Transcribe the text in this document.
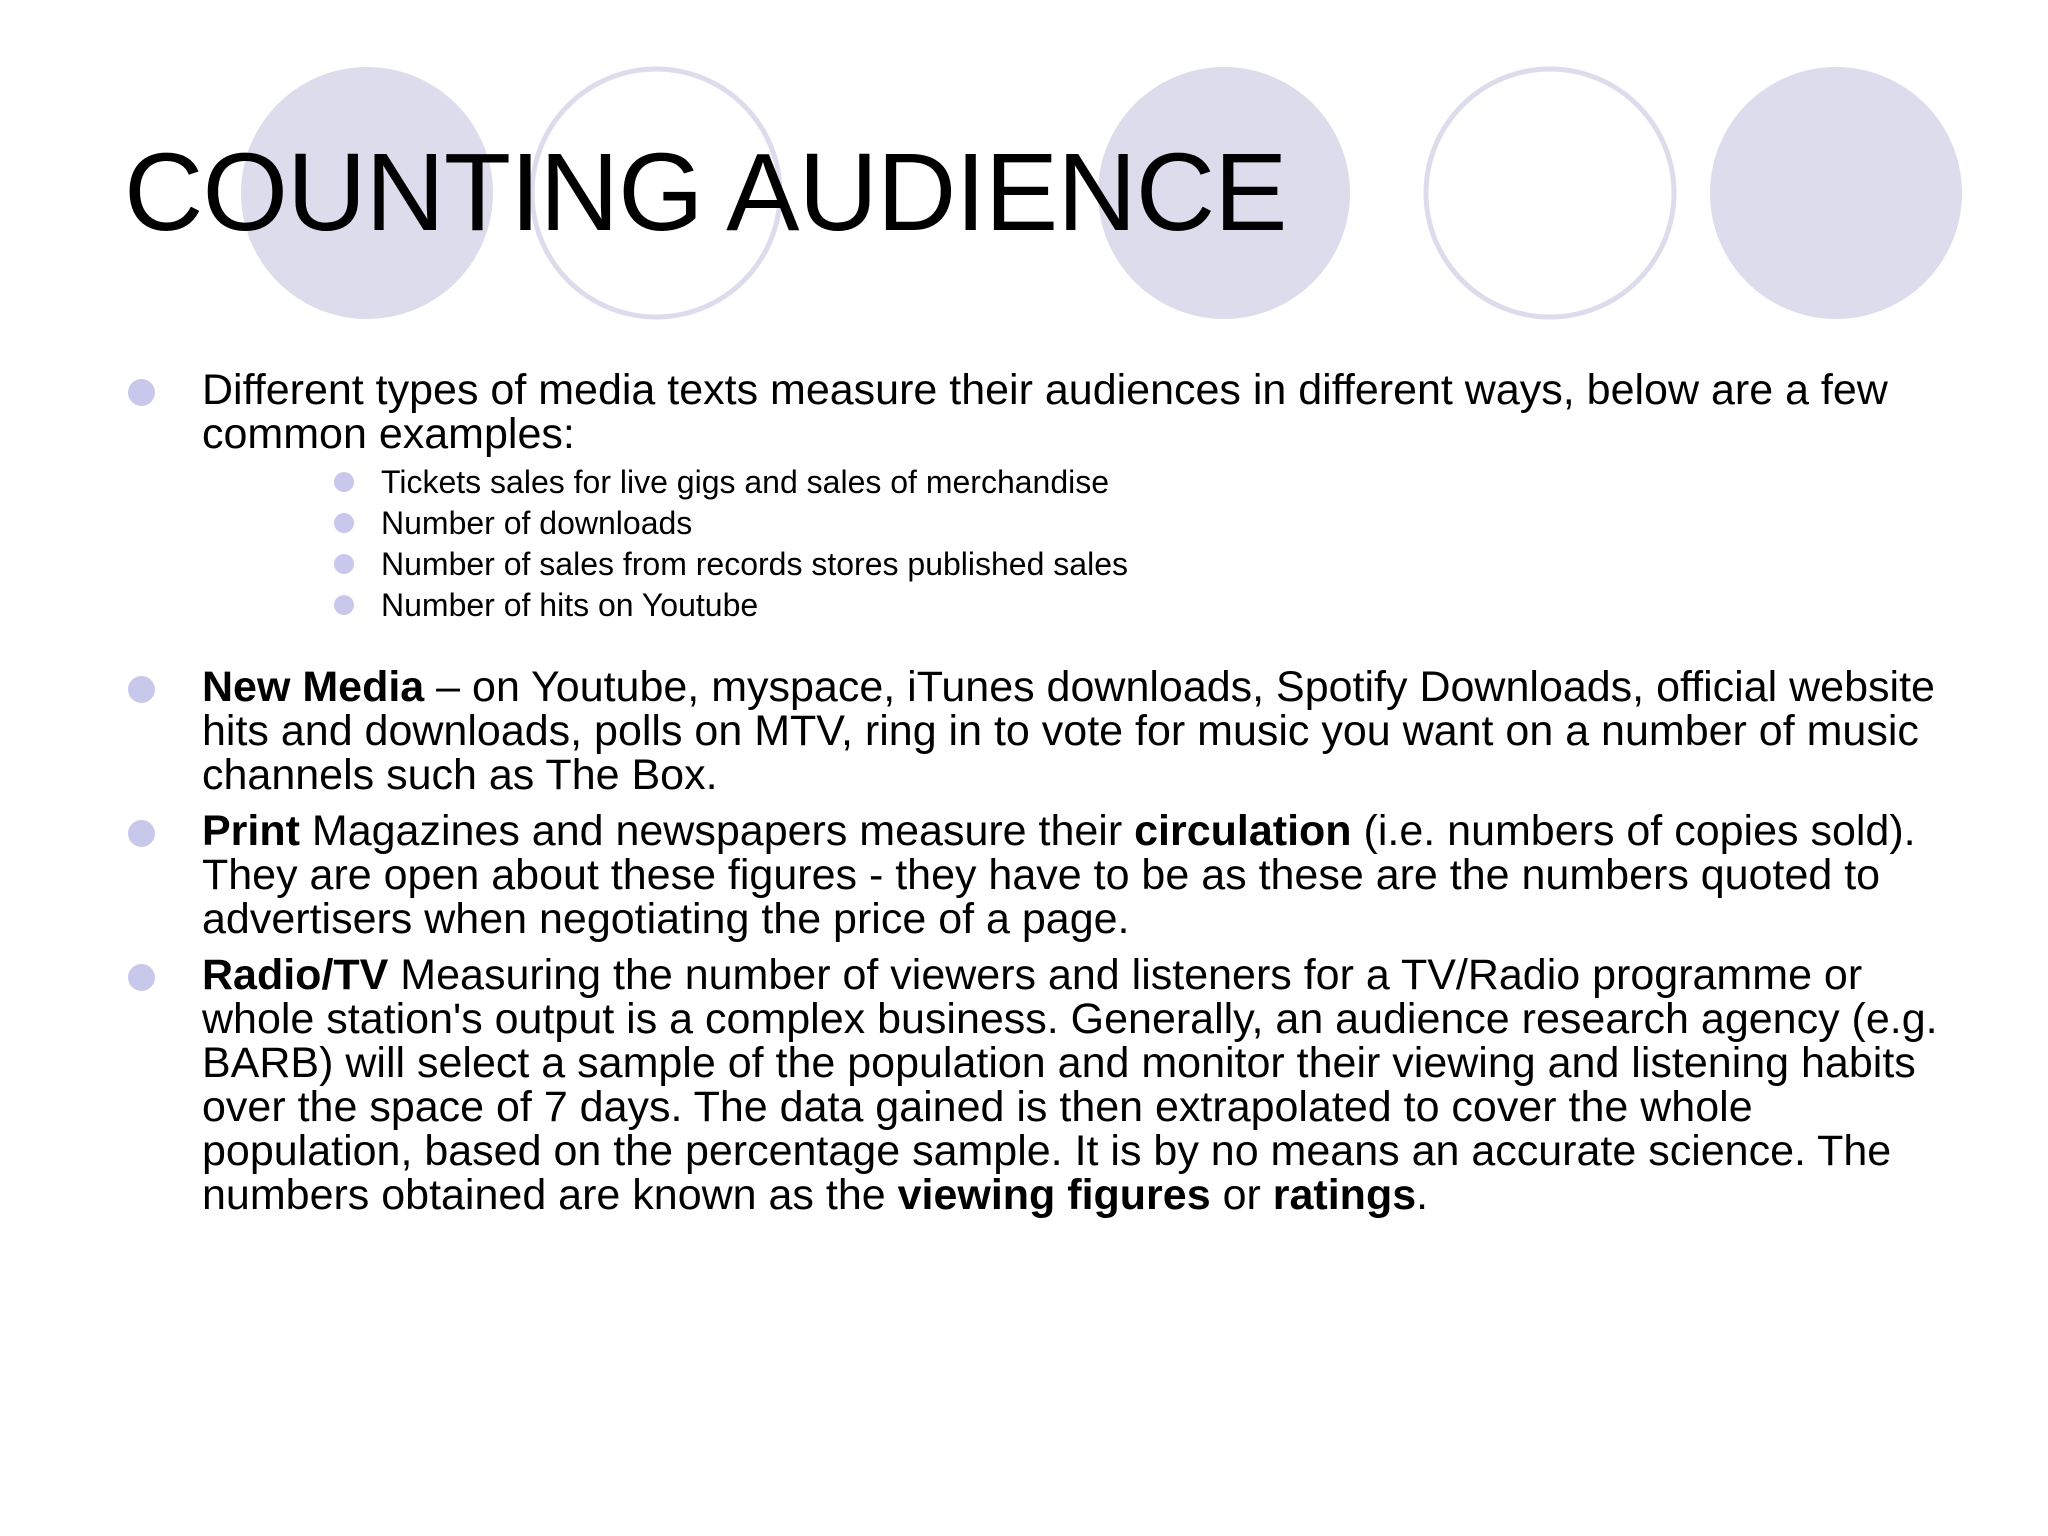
COUNTING AUDIENCE
Different types of media texts measure their audiences in different ways, below are a few common examples:
Tickets sales for live gigs and sales of merchandise
Number of downloads
Number of sales from records stores published sales
Number of hits on Youtube
New Media – on Youtube, myspace, iTunes downloads, Spotify Downloads, official website hits and downloads, polls on MTV, ring in to vote for music you want on a number of music channels such as The Box.
Print Magazines and newspapers measure their circulation (i.e. numbers of copies sold). They are open about these figures - they have to be as these are the numbers quoted to advertisers when negotiating the price of a page.
Radio/TV Measuring the number of viewers and listeners for a TV/Radio programme or whole station's output is a complex business. Generally, an audience research agency (e.g. BARB) will select a sample of the population and monitor their viewing and listening habits over the space of 7 days. The data gained is then extrapolated to cover the whole population, based on the percentage sample. It is by no means an accurate science. The numbers obtained are known as the viewing figures or ratings.
